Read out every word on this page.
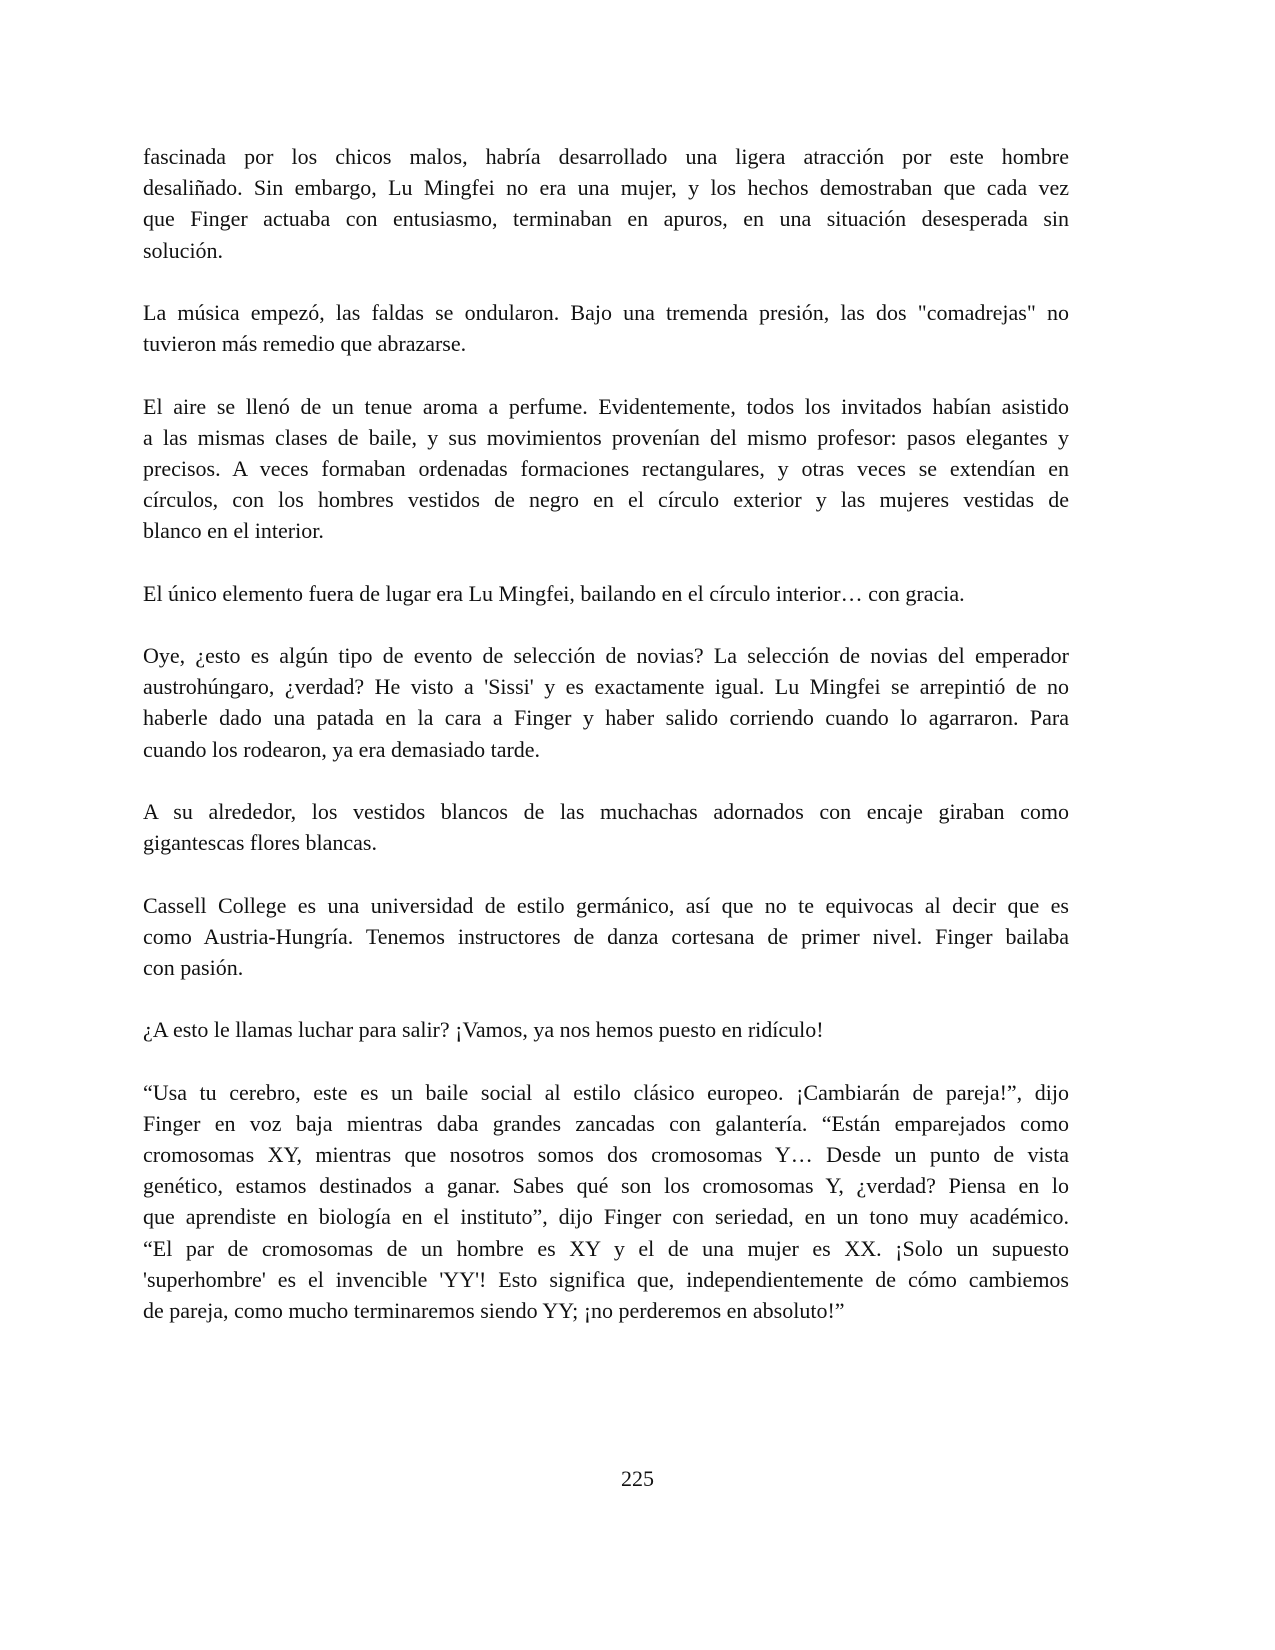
fascinada por los chicos malos, habría desarrollado una ligera atracción por este hombre
desaliñado. Sin embargo, Lu Mingfei no era una mujer, y los hechos demostraban que cada vez
que Finger actuaba con entusiasmo, terminaban en apuros, en una situación desesperada sin
solución.
La música empezó, las faldas se ondularon. Bajo una tremenda presión, las dos "comadrejas" no
tuvieron más remedio que abrazarse.
El aire se llenó de un tenue aroma a perfume. Evidentemente, todos los invitados habían asistido
a las mismas clases de baile, y sus movimientos provenían del mismo profesor: pasos elegantes y
precisos. A veces formaban ordenadas formaciones rectangulares, y otras veces se extendían en
círculos, con los hombres vestidos de negro en el círculo exterior y las mujeres vestidas de
blanco en el interior.
El único elemento fuera de lugar era Lu Mingfei, bailando en el círculo interior… con gracia.
Oye, ¿esto es algún tipo de evento de selección de novias? La selección de novias del emperador
austrohúngaro, ¿verdad? He visto a 'Sissi' y es exactamente igual. Lu Mingfei se arrepintió de no
haberle dado una patada en la cara a Finger y haber salido corriendo cuando lo agarraron. Para
cuando los rodearon, ya era demasiado tarde.
A su alrededor, los vestidos blancos de las muchachas adornados con encaje giraban como
gigantescas flores blancas.
Cassell College es una universidad de estilo germánico, así que no te equivocas al decir que es
como Austria-Hungría. Tenemos instructores de danza cortesana de primer nivel. Finger bailaba
con pasión.
¿A esto le llamas luchar para salir? ¡Vamos, ya nos hemos puesto en ridículo!
“Usa tu cerebro, este es un baile social al estilo clásico europeo. ¡Cambiarán de pareja!”, dijo
Finger en voz baja mientras daba grandes zancadas con galantería. “Están emparejados como
cromosomas XY, mientras que nosotros somos dos cromosomas Y… Desde un punto de vista
genético, estamos destinados a ganar. Sabes qué son los cromosomas Y, ¿verdad? Piensa en lo
que aprendiste en biología en el instituto”, dijo Finger con seriedad, en un tono muy académico.
“El par de cromosomas de un hombre es XY y el de una mujer es XX. ¡Solo un supuesto
'superhombre' es el invencible 'YY'! Esto significa que, independientemente de cómo cambiemos
de pareja, como mucho terminaremos siendo YY; ¡no perderemos en absoluto!”
225
